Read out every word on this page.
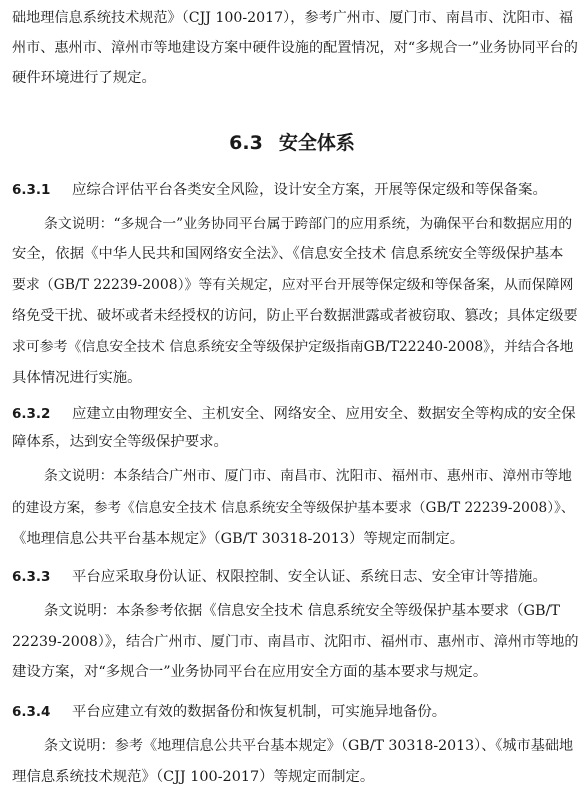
础地理信息系统技术规范》（CJJ 100-2017），参考广州市、厦门市、南昌市、沈阳市、福
州市、惠州市、漳州市等地建设方案中硬件设施的配置情况，对“多规合一”业务协同平台的
硬件环境进行了规定。
6.3 安全体系
6.3.1 应综合评估平台各类安全风险，设计安全方案，开展等保定级和等保备案。
条文说明：“多规合一”业务协同平台属于跨部门的应用系统，为确保平台和数据应用的
安全，依据《中华人民共和国网络安全法》、《信息安全技术 信息系统安全等级保护基本
要求（GB/T 22239-2008）》等有关规定，应对平台开展等保定级和等保备案，从而保障网
络免受干扰、破坏或者未经授权的访问，防止平台数据泄露或者被窃取、篡改；具体定级要
求可参考《信息安全技术 信息系统安全等级保护定级指南GB/T22240-2008》，并结合各地
具体情况进行实施。
6.3.2 应建立由物理安全、主机安全、网络安全、应用安全、数据安全等构成的安全保
障体系，达到安全等级保护要求。
条文说明：本条结合广州市、厦门市、南昌市、沈阳市、福州市、惠州市、漳州市等地
的建设方案，参考《信息安全技术 信息系统安全等级保护基本要求（GB/T 22239-2008）》、
《地理信息公共平台基本规定》（GB/T 30318-2013）等规定而制定。
6.3.3 平台应采取身份认证、权限控制、安全认证、系统日志、安全审计等措施。
条文说明：本条参考依据《信息安全技术 信息系统安全等级保护基本要求（GB/T
22239-2008）》，结合广州市、厦门市、南昌市、沈阳市、福州市、惠州市、漳州市等地的
建设方案，对“多规合一”业务协同平台在应用安全方面的基本要求与规定。
6.3.4 平台应建立有效的数据备份和恢复机制，可实施异地备份。
条文说明：参考《地理信息公共平台基本规定》（GB/T 30318-2013）、《城市基础地
理信息系统技术规范》（CJJ 100-2017）等规定而制定。
